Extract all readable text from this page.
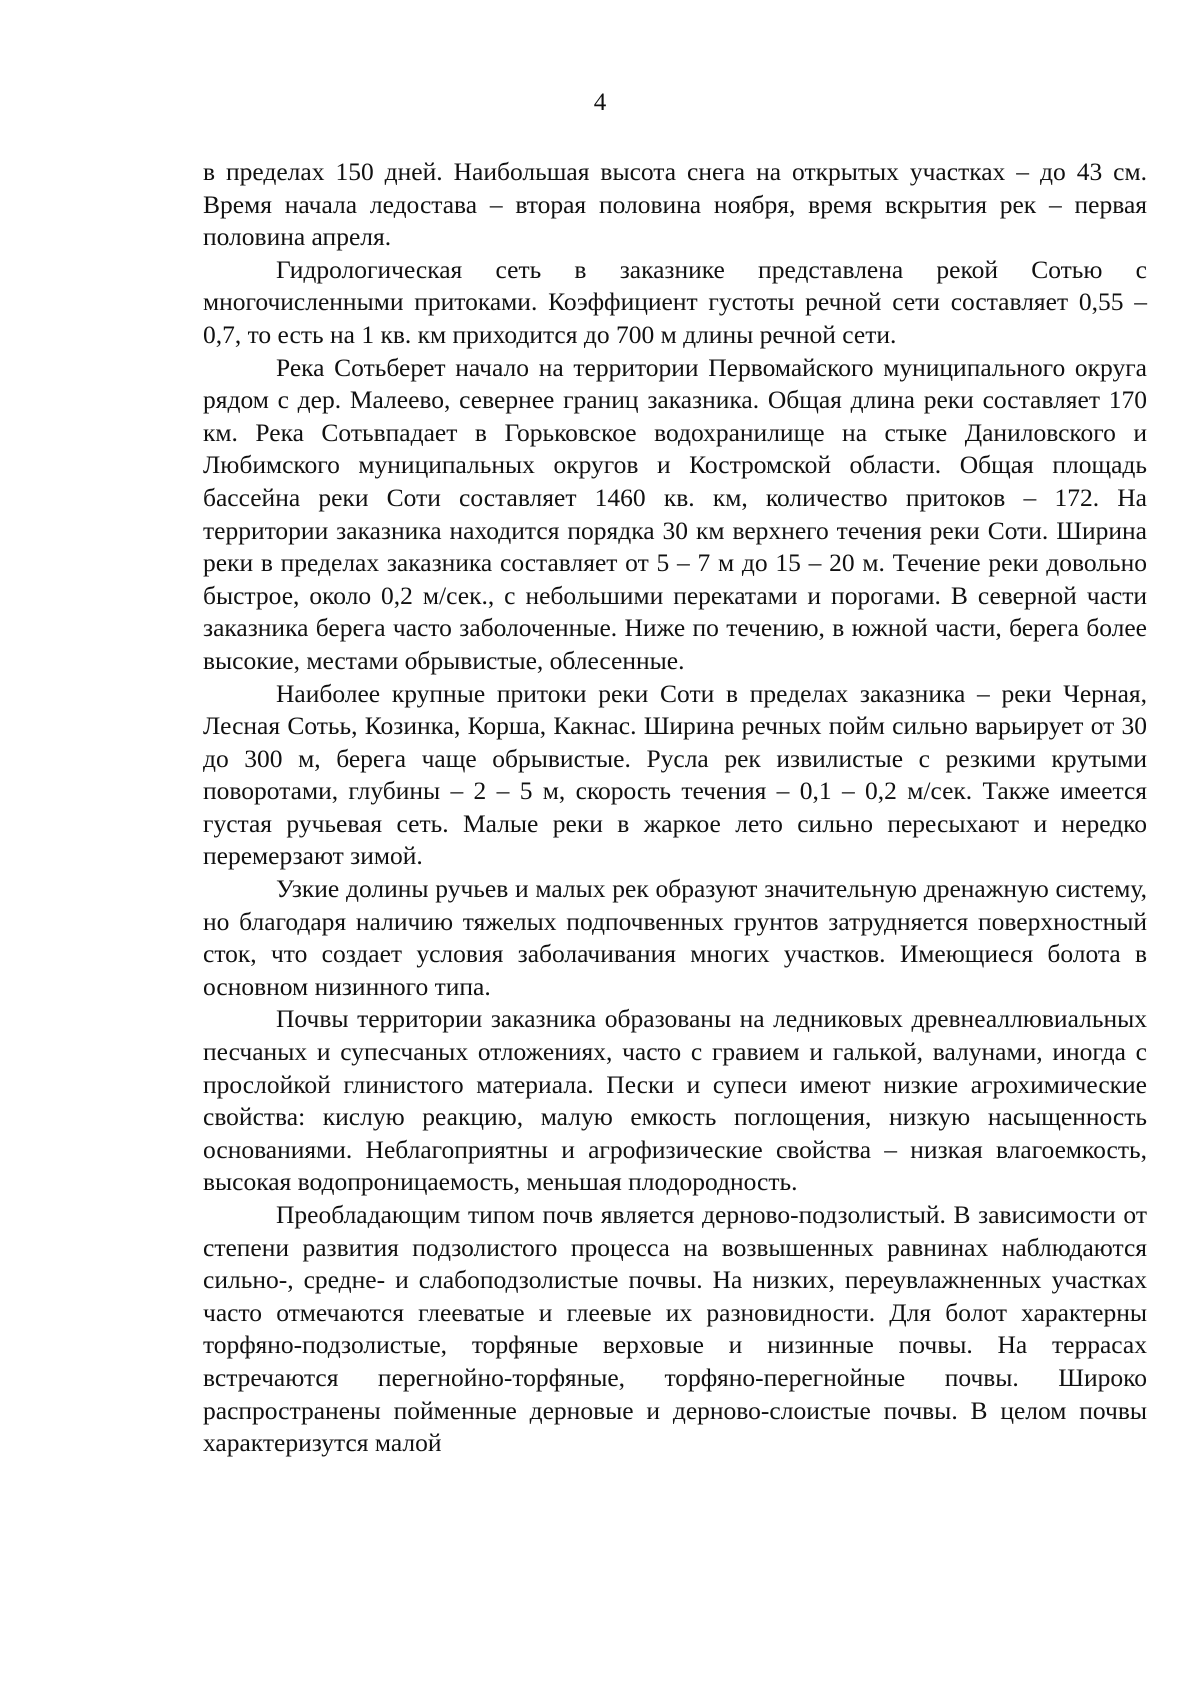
4

в пределах 150 дней. Наибольшая высота снега на открытых участках – до 43 см. Время начала ледостава – вторая половина ноября, время вскрытия рек – первая половина апреля.

Гидрологическая сеть в заказнике представлена рекой Сотью с многочисленными притоками. Коэффициент густоты речной сети составляет 0,55 – 0,7, то есть на 1 кв. км приходится до 700 м длины речной сети.

Река Сотьберет начало на территории Первомайского муниципального округа рядом с дер. Малеево, севернее границ заказника. Общая длина реки составляет 170 км. Река Сотьвпадает в Горьковское водохранилище на стыке Даниловского и Любимского муниципальных округов и Костромской области. Общая площадь бассейна реки Соти составляет 1460 кв. км, количество притоков – 172. На территории заказника находится порядка 30 км верхнего течения реки Соти. Ширина реки в пределах заказника составляет от 5 – 7 м до 15 – 20 м. Течение реки довольно быстрое, около 0,2 м/сек., с небольшими перекатами и порогами. В северной части заказника берега часто заболоченные. Ниже по течению, в южной части, берега более высокие, местами обрывистые, облесенные.

Наиболее крупные притоки реки Соти в пределах заказника – реки Черная, Лесная Сотьь, Козинка, Корша, Какнас. Ширина речных пойм сильно варьирует от 30 до 300 м, берега чаще обрывистые. Русла рек извилистые с резкими крутыми поворотами, глубины – 2 – 5 м, скорость течения – 0,1 – 0,2 м/сек. Также имеется густая ручьевая сеть. Малые реки в жаркое лето сильно пересыхают и нередко перемерзают зимой.

Узкие долины ручьев и малых рек образуют значительную дренажную систему, но благодаря наличию тяжелых подпочвенных грунтов затрудняется поверхностный сток, что создает условия заболачивания многих участков. Имеющиеся болота в основном низинного типа.

Почвы территории заказника образованы на ледниковых древнеаллювиальных песчаных и супесчаных отложениях, часто с гравием и галькой, валунами, иногда с прослойкой глинистого материала. Пески и супеси имеют низкие агрохимические свойства: кислую реакцию, малую емкость поглощения, низкую насыщенность основаниями. Неблагоприятны и агрофизические свойства – низкая влагоемкость, высокая водопроницаемость, меньшая плодородность.

Преобладающим типом почв является дерново-подзолистый. В зависимости от степени развития подзолистого процесса на возвышенных равнинах наблюдаются сильно-, средне- и слабоподзолистые почвы. На низких, переувлажненных участках часто отмечаются глееватые и глеевые их разновидности. Для болот характерны торфяно-подзолистые, торфяные верховые и низинные почвы. На террасах встречаются перегнойно-торфяные, торфяно-перегнойные почвы. Широко распространены пойменные дерновые и дерново-слоистые почвы. В целом почвы характеризутся малой
